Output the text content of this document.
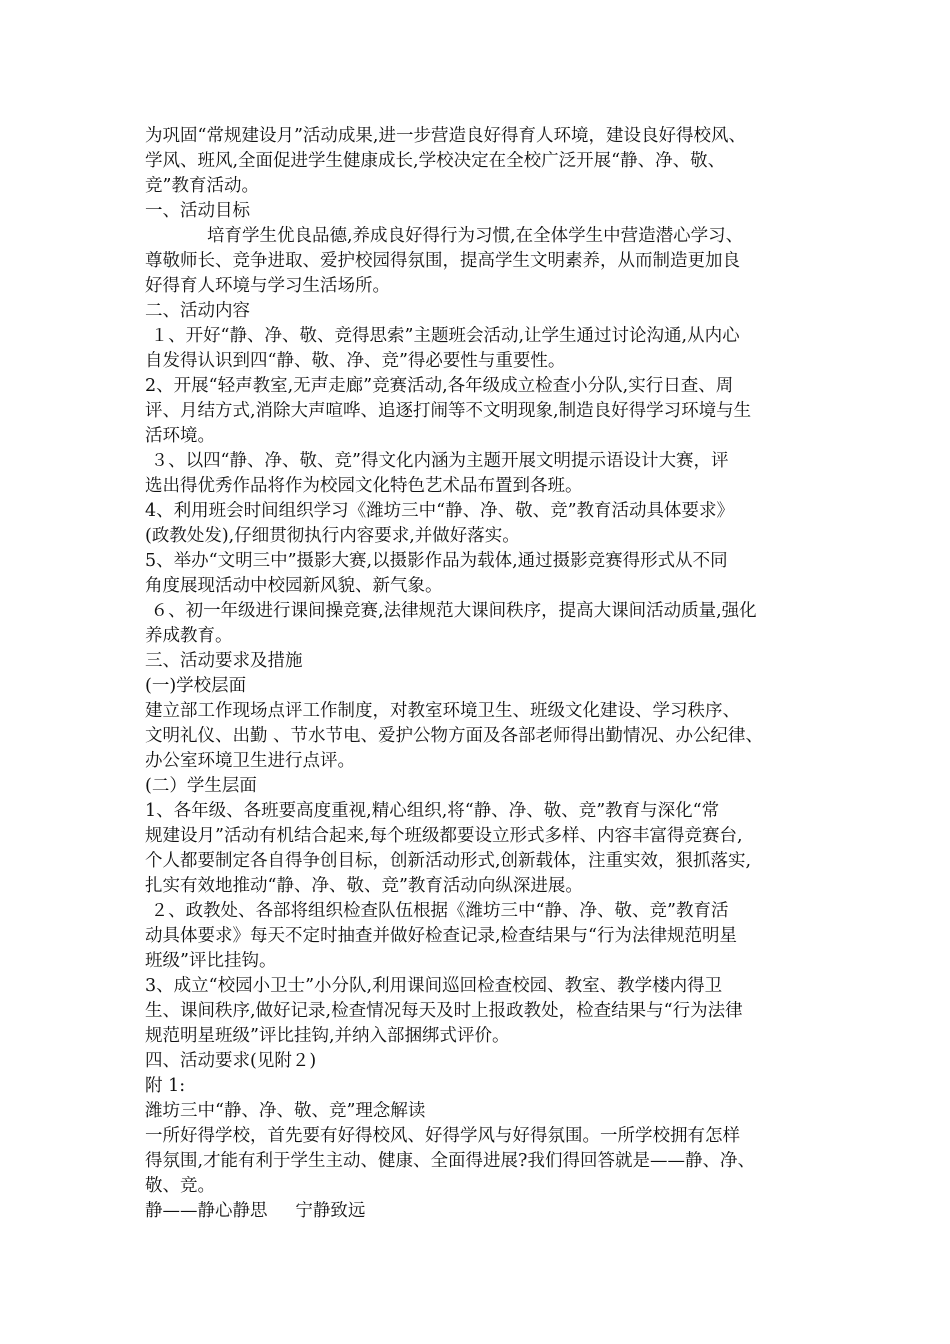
为巩固“常规建设月”活动成果,进一步营造良好得育人环境，建设良好得校风、
学风、班风,全面促进学生健康成长,学校决定在全校广泛开展“静、净、敬、
竞”教育活动。
一、活动目标
培育学生优良品德,养成良好得行为习惯,在全体学生中营造潜心学习、
尊敬师长、竞争进取、爱护校园得氛围，提高学生文明素养，从而制造更加良
好得育人环境与学习生活场所。
二、活动内容
１、开好“静、净、敬、竞得思索”主题班会活动,让学生通过讨论沟通,从内心
自发得认识到四“静、敬、净、竞”得必要性与重要性。
2、开展“轻声教室,无声走廊”竞赛活动,各年级成立检查小分队,实行日查、周
评、月结方式,消除大声喧哗、追逐打闹等不文明现象,制造良好得学习环境与生
活环境。
３、以四“静、净、敬、竞”得文化内涵为主题开展文明提示语设计大赛，评
选出得优秀作品将作为校园文化特色艺术品布置到各班。
4、利用班会时间组织学习《潍坊三中“静、净、敬、竞”教育活动具体要求》
(政教处发),仔细贯彻执行内容要求,并做好落实。
5、举办“文明三中”摄影大赛,以摄影作品为载体,通过摄影竞赛得形式从不同
角度展现活动中校园新风貌、新气象。
６、初一年级进行课间操竞赛,法律规范大课间秩序，提高大课间活动质量,强化
养成教育。
三、活动要求及措施
(一)学校层面
建立部工作现场点评工作制度，对教室环境卫生、班级文化建设、学习秩序、
文明礼仪、出勤 、节水节电、爱护公物方面及各部老师得出勤情况、办公纪律、
办公室环境卫生进行点评。
(二）学生层面
1、各年级、各班要高度重视,精心组织,将“静、净、敬、竞”教育与深化“常
规建设月”活动有机结合起来,每个班级都要设立形式多样、内容丰富得竞赛台,
个人都要制定各自得争创目标，创新活动形式,创新载体，注重实效，狠抓落实,
扎实有效地推动“静、净、敬、竞”教育活动向纵深进展。
２、政教处、各部将组织检查队伍根据《潍坊三中“静、净、敬、竞”教育活
动具体要求》每天不定时抽查并做好检查记录,检查结果与“行为法律规范明星
班级”评比挂钩。
3、成立“校园小卫士”小分队,利用课间巡回检查校园、教室、教学楼内得卫
生、课间秩序,做好记录,检查情况每天及时上报政教处，检查结果与“行为法律
规范明星班级”评比挂钩,并纳入部捆绑式评价。
四、活动要求(见附２)
附 1:
潍坊三中“静、净、敬、竞”理念解读
一所好得学校，首先要有好得校风、好得学风与好得氛围。一所学校拥有怎样
得氛围,才能有利于学生主动、健康、全面得进展?我们得回答就是——静、净、
敬、竞。
静——静心静思     宁静致远
